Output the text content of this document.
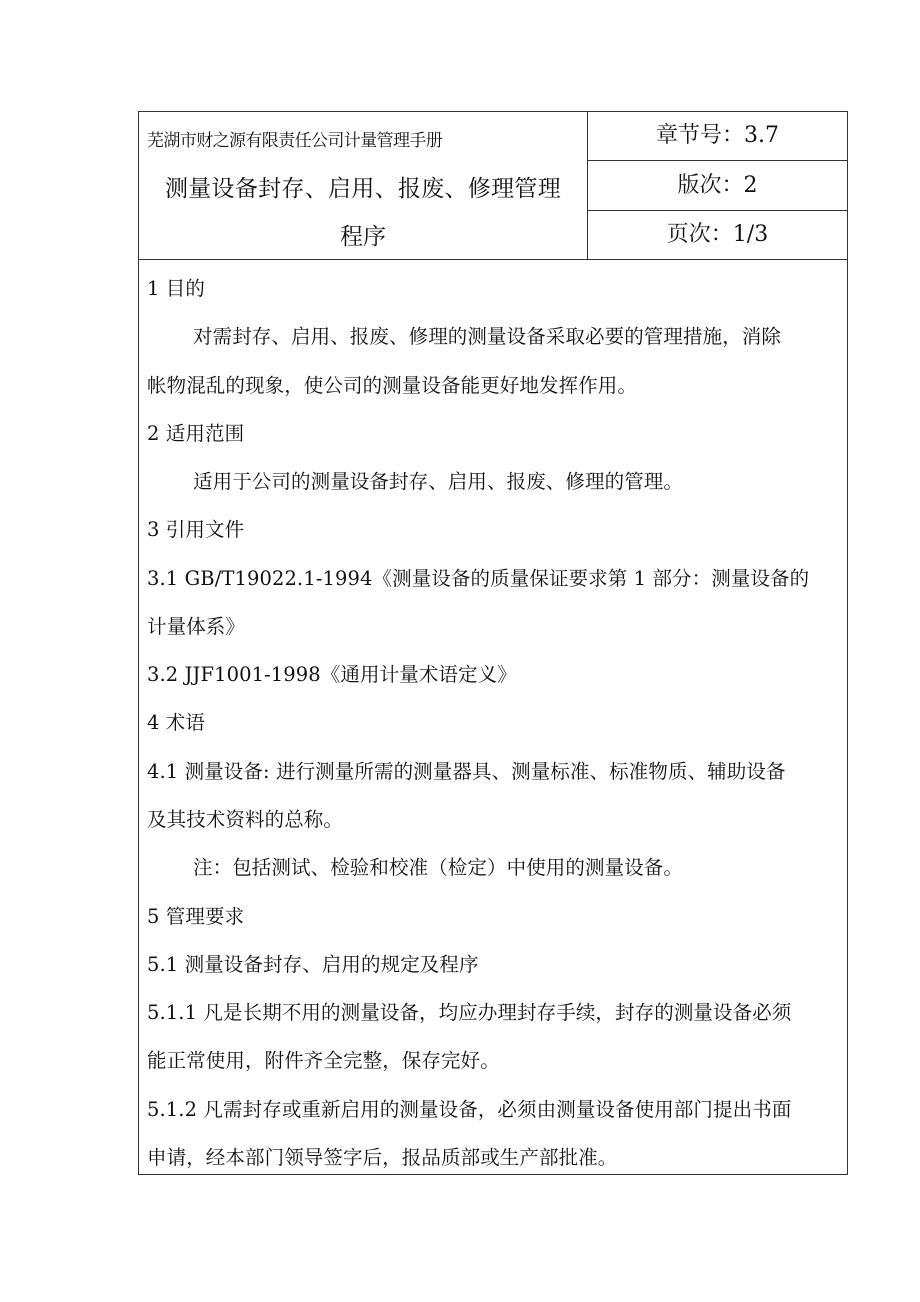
芜湖市财之源有限责任公司计量管理手册
测量设备封存、启用、报废、修理管理
程序
章节号：3.7
版次：2
页次：1/3
1 目的
对需封存、启用、报废、修理的测量设备采取必要的管理措施，消除
帐物混乱的现象，使公司的测量设备能更好地发挥作用。
2 适用范围
适用于公司的测量设备封存、启用、报废、修理的管理。
3 引用文件
3.1 GB/T19022.1-1994《测量设备的质量保证要求第 1 部分：测量设备的
计量体系》
3.2 JJF1001-1998《通用计量术语定义》
4 术语
4.1 测量设备: 进行测量所需的测量器具、测量标准、标准物质、辅助设备
及其技术资料的总称。
注：包括测试、检验和校准（检定）中使用的测量设备。
5 管理要求
5.1 测量设备封存、启用的规定及程序
5.1.1 凡是长期不用的测量设备，均应办理封存手续，封存的测量设备必须
能正常使用，附件齐全完整，保存完好。
5.1.2 凡需封存或重新启用的测量设备，必须由测量设备使用部门提出书面
申请，经本部门领导签字后，报品质部或生产部批准。
